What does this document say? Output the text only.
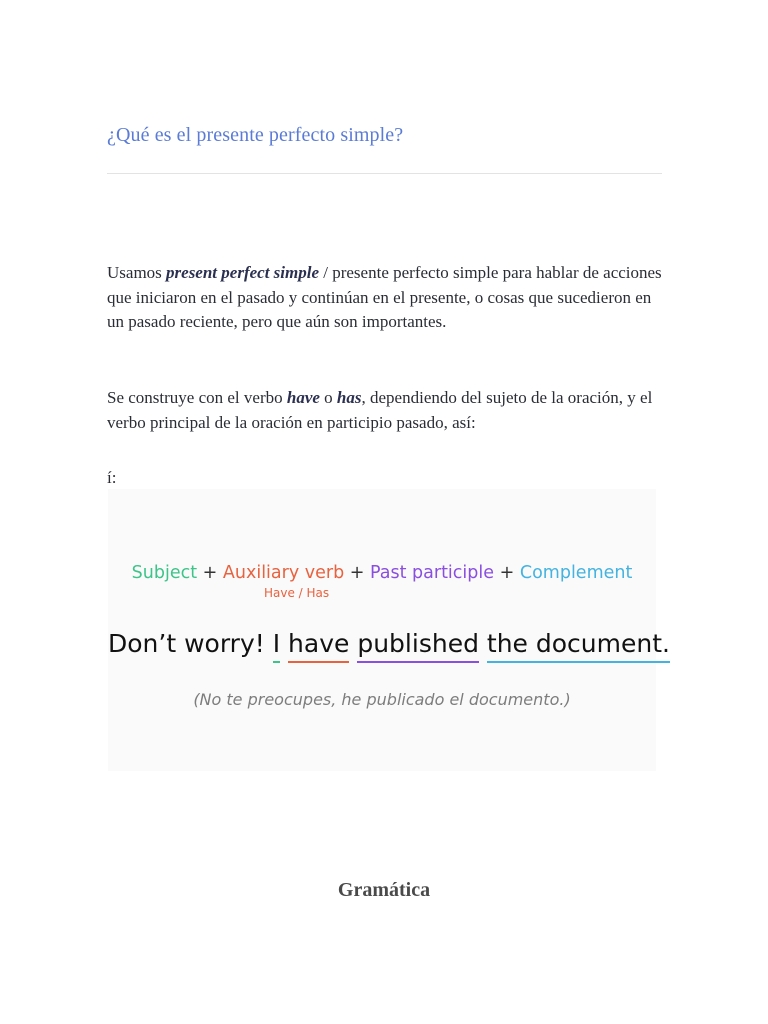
¿Qué es el presente perfecto simple?

Usamos present perfect simple / presente perfecto simple para hablar de acciones que iniciaron en el pasado y continúan en el presente, o cosas que sucedieron en un pasado reciente, pero que aún son importantes.

Se construye con el verbo have o has, dependiendo del sujeto de la oración, y el verbo principal de la oración en participio pasado, así:

í:

Subject + Auxiliary verb + Past participle + Complement
Have / Has
Don’t worry! I have published the document.
(No te preocupes, he publicado el documento.)
Gramática
